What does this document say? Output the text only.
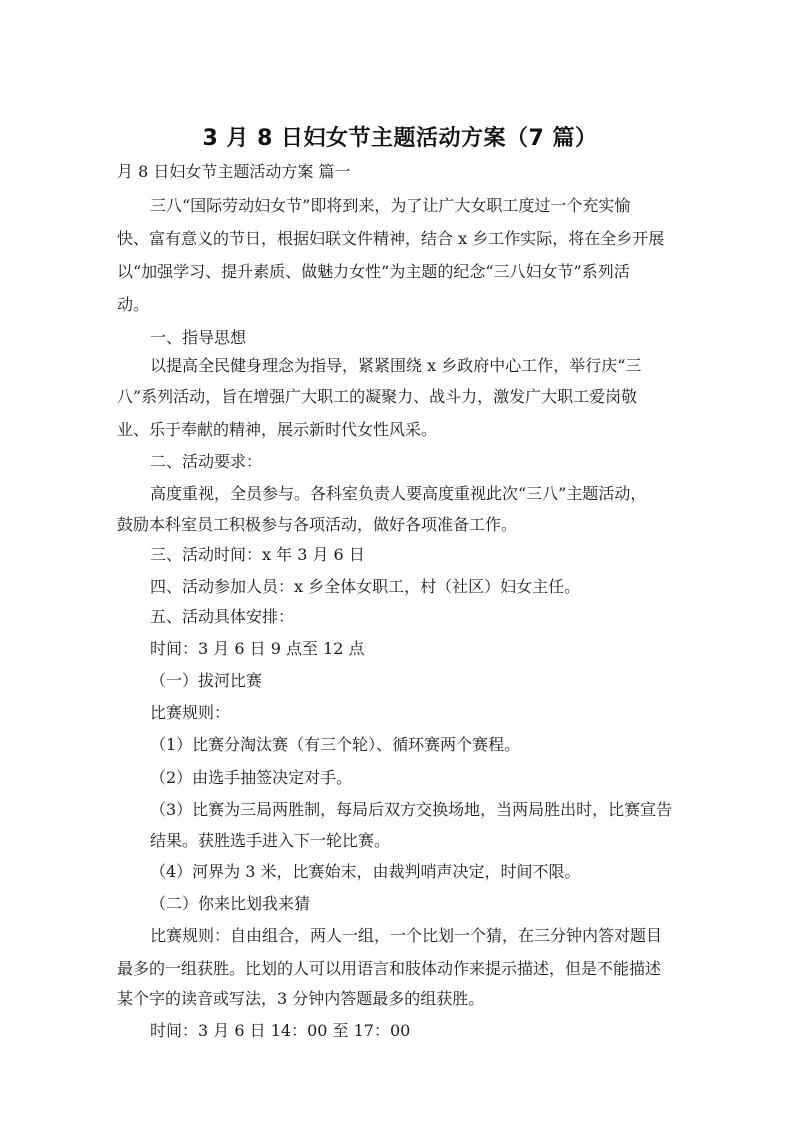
3 月 8 日妇女节主题活动方案（7 篇）

月 8 日妇女节主题活动方案 篇一

三八“国际劳动妇女节”即将到来，为了让广大女职工度过一个充实愉

快、富有意义的节日，根据妇联文件精神，结合 x 乡工作实际，将在全乡开展

以“加强学习、提升素质、做魅力女性”为主题的纪念“三八妇女节”系列活

动。

一、指导思想

以提高全民健身理念为指导，紧紧围绕 x 乡政府中心工作，举行庆“三

八”系列活动，旨在增强广大职工的凝聚力、战斗力，激发广大职工爱岗敬

业、乐于奉献的精神，展示新时代女性风采。

二、活动要求：

高度重视，全员参与。各科室负责人要高度重视此次“三八”主题活动，

鼓励本科室员工积极参与各项活动，做好各项准备工作。

三、活动时间：x 年 3 月 6 日

四、活动参加人员：x 乡全体女职工，村（社区）妇女主任。

五、活动具体安排：

时间：3 月 6 日 9 点至 12 点

（一）拔河比赛

比赛规则：

（1）比赛分淘汰赛（有三个轮）、循环赛两个赛程。

（2）由选手抽签决定对手。

（3）比赛为三局两胜制，每局后双方交换场地，当两局胜出时，比赛宣告

结果。获胜选手进入下一轮比赛。

（4）河界为 3 米，比赛始末，由裁判哨声决定，时间不限。

（二）你来比划我来猜

比赛规则：自由组合，两人一组，一个比划一个猜，在三分钟内答对题目

最多的一组获胜。比划的人可以用语言和肢体动作来提示描述，但是不能描述

某个字的读音或写法，3 分钟内答题最多的组获胜。

时间：3 月 6 日 14：00 至 17：00
